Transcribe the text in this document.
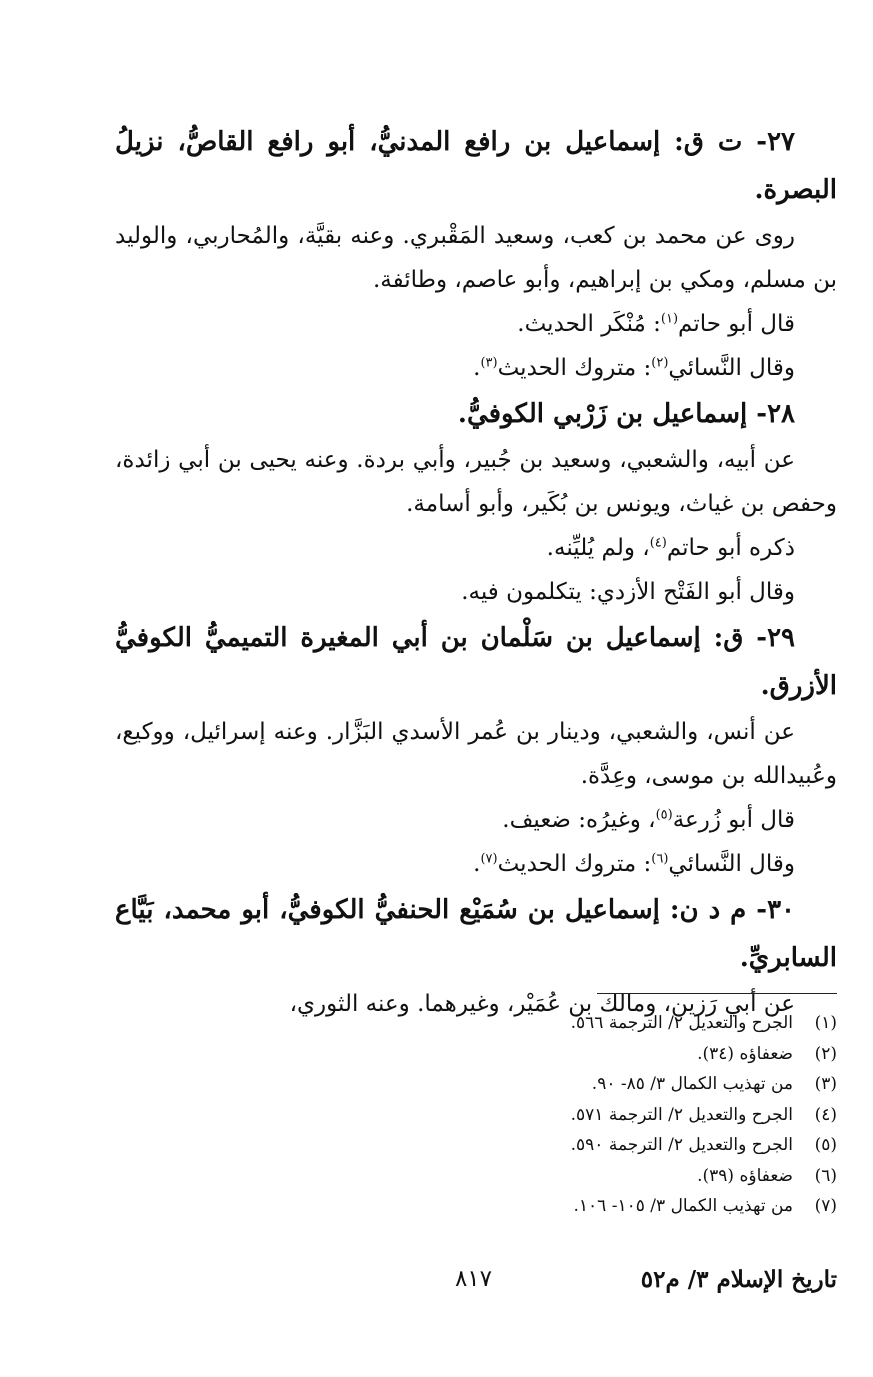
٢٧- ت ق: إسماعيل بن رافع المدنيُّ، أبو رافع القاصُّ، نزيلُ البصرة.

روى عن محمد بن كعب، وسعيد المَقْبري. وعنه بقيَّة، والمُحاربي، والوليد بن مسلم، ومكي بن إبراهيم، وأبو عاصم، وطائفة.

قال أبو حاتم$^{(١)}$: مُنْكَر الحديث.

وقال النَّسائي$^{(٢)}$: متروك الحديث$^{(٣)}$.

٢٨- إسماعيل بن زَرْبي الكوفيُّ.

عن أبيه، والشعبي، وسعيد بن جُبير، وأبي بردة. وعنه يحيى بن أبي زائدة، وحفص بن غياث، ويونس بن بُكَير، وأبو أسامة.

ذكره أبو حاتم$^{(٤)}$، ولم يُليِّنه.

وقال أبو الفَتْح الأزدي: يتكلمون فيه.

٢٩- ق: إسماعيل بن سَلْمان بن أبي المغيرة التميميُّ الكوفيُّ الأزرق.

عن أنس، والشعبي، ودينار بن عُمر الأسدي البَزَّار. وعنه إسرائيل، ووكيع، وعُبيدالله بن موسى، وعِدَّة.

قال أبو زُرعة$^{(٥)}$، وغيرُه: ضعيف.

وقال النَّسائي$^{(٦)}$: متروك الحديث$^{(٧)}$.

٣٠- م د ن: إسماعيل بن سُمَيْع الحنفيُّ الكوفيُّ، أبو محمد، بَيَّاع السابريِّ.

عن أبي رَزين، ومالك بن عُمَيْر، وغيرهما. وعنه الثوري،

(١)
الجرح والتعديل ٢/ الترجمة ٥٦٦.
(٢)
ضعفاؤه (٣٤).
(٣)
من تهذيب الكمال ٣/ ٨٥- ٩٠.
(٤)
الجرح والتعديل ٢/ الترجمة ٥٧١.
(٥)
الجرح والتعديل ٢/ الترجمة ٥٩٠.
(٦)
ضعفاؤه (٣٩).
(٧)
من تهذيب الكمال ٣/ ١٠٥- ١٠٦.
تاريخ الإسلام ٣/ م٥٢
٨١٧
